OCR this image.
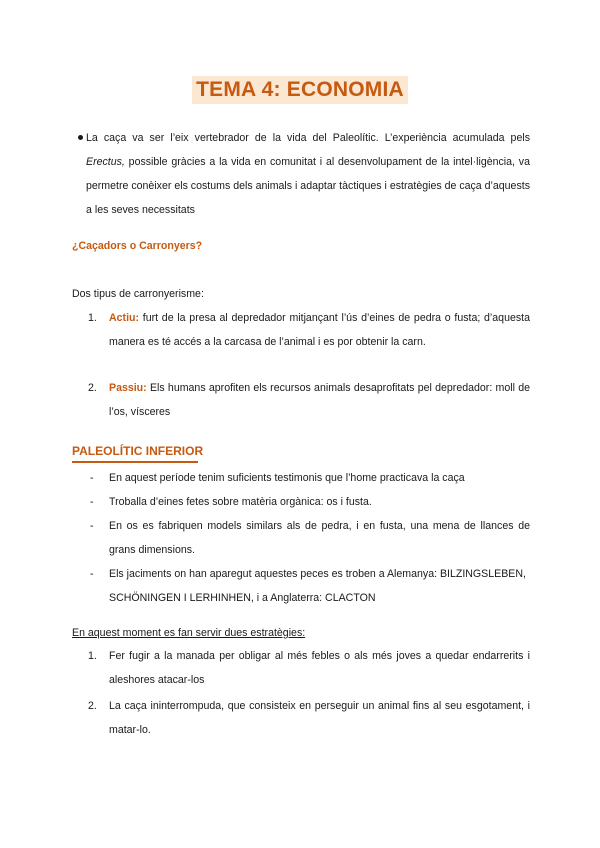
TEMA 4: ECONOMIA
La caça va ser l’eix vertebrador de la vida del Paleolític. L’experiència acumulada pels Erectus, possible gràcies a la vida en comunitat i al desenvolupament de la intel·ligència, va permetre conèixer els costums dels animals i adaptar tàctiques i estratègies de caça d’aquests a les seves necessitats
¿Caçadors o Carronyers?
Dos tipus de carronyerisme:
1. Actiu: furt de la presa al depredador mitjançant l’ús d’eines de pedra o fusta; d’aquesta manera es té accés a la carcasa de l’animal i es por obtenir la carn.
2. Passiu: Els humans aprofiten els recursos animals desaprofitats pel depredador: moll de l’os, vísceres
PALEOLÍTIC INFERIOR
- En aquest període tenim suficients testimonis que l’home practicava la caça
- Troballa d’eines fetes sobre matèria orgànica: os i fusta.
- En os es fabriquen models similars als de pedra, i en fusta, una mena de llances de grans dimensions.
- Els jaciments on han aparegut aquestes peces es troben a Alemanya: BILZINGSLEBEN, SCHÖNINGEN I LERHINHEN, i a Anglaterra: CLACTON
En aquest moment es fan servir dues estratègies:
1. Fer fugir a la manada per obligar al més febles o als més joves a quedar endarrerits i aleshores atacar-los
2. La caça ininterrompuda, que consisteix en perseguir un animal fins al seu esgotament, i matar-lo.
